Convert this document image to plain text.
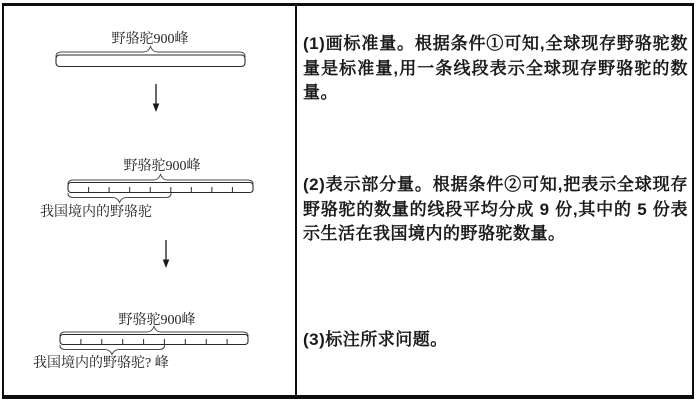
野骆驼900峰
野骆驼900峰
我国境内的野骆驼
野骆驼900峰
我国境内的野骆驼? 峰

(1)画标准量。根据条件①可知,全球现存野骆驼数量是标准量,用一条线段表示全球现存野骆驼的数量。

(2)表示部分量。根据条件②可知,把表示全球现存野骆驼的数量的线段平均分成 9 份,其中的 5 份表示生活在我国境内的野骆驼数量。

(3)标注所求问题。
